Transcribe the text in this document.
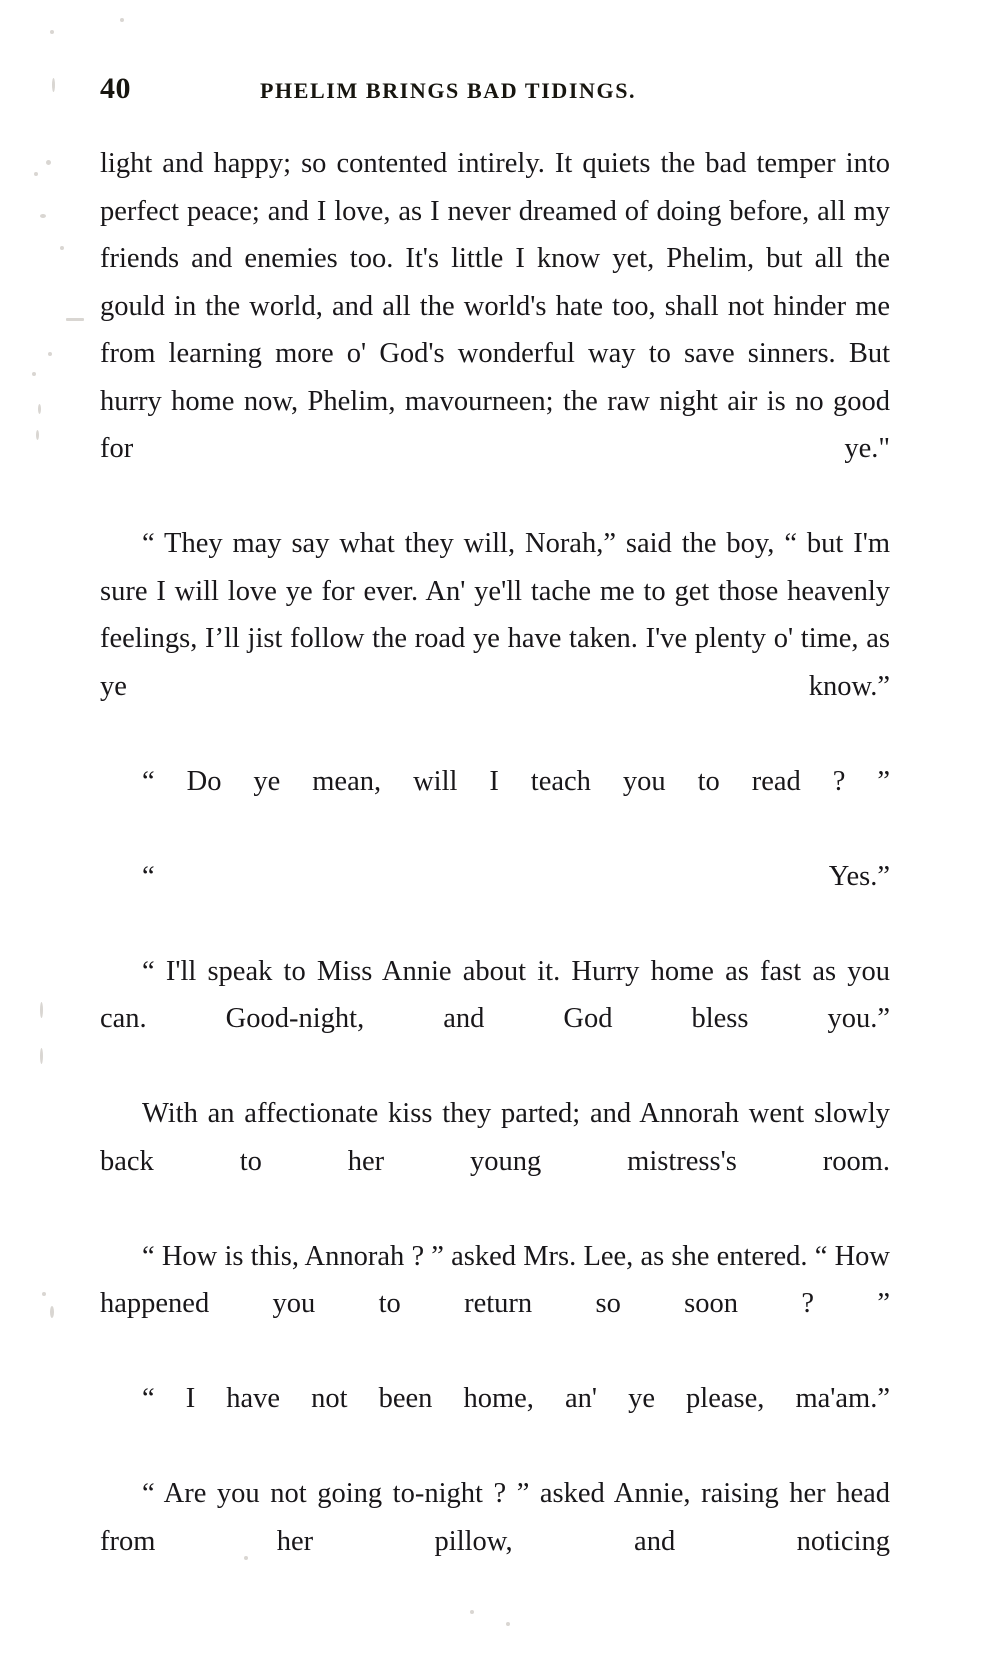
40	PHELIM BRINGS BAD TIDINGS.

light and happy; so contented intirely. It quiets the bad temper into perfect peace; and I love, as I never dreamed of doing before, all my friends and enemies too. It's little I know yet, Phelim, but all the gould in the world, and all the world's hate too, shall not hinder me from learning more o' God's wonderful way to save sinners. But hurry home now, Phelim, mavourneen; the raw night air is no good for ye."

“ They may say what they will, Norah,” said the boy, “ but I'm sure I will love ye for ever. An' ye'll tache me to get those heavenly feelings, I’ll jist follow the road ye have taken. I've plenty o' time, as ye know.”

“ Do ye mean, will I teach you to read ? ”

“ Yes.”

“ I'll speak to Miss Annie about it. Hurry home as fast as you can. Good-night, and God bless you.”

With an affectionate kiss they parted; and Annorah went slowly back to her young mistress's room.

“ How is this, Annorah ? ” asked Mrs. Lee, as she entered. “ How happened you to return so soon ? ”

“ I have not been home, an' ye please, ma'am.”

“ Are you not going to-night ? ” asked Annie, raising her head from her pillow, and noticing
